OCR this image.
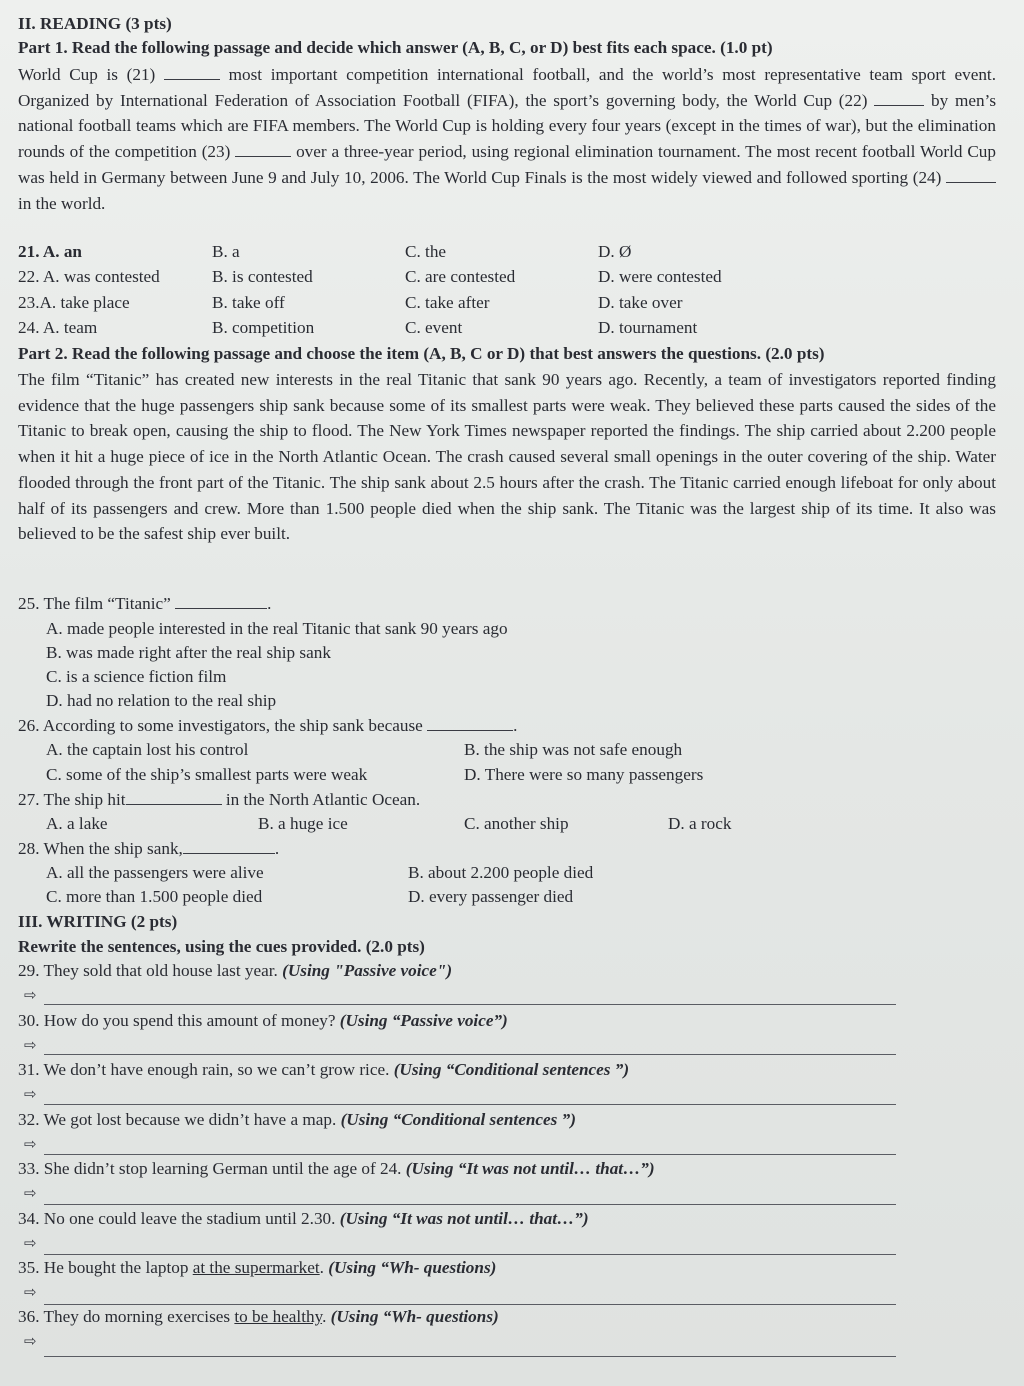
II. READING (3 pts)
Part 1. Read the following passage and decide which answer (A, B, C, or D) best fits each space. (1.0 pt)
World Cup is (21)	most important competition international football, and the world’s most representative team sport event. Organized by International Federation of Association Football (FIFA), the sport’s governing body, the World Cup (22)	by men’s national football teams which are FIFA members. The World Cup is holding every four years (except in the times of war), but the elimination rounds of the competition (23)	over a three-year period, using regional elimination tournament. The most recent football World Cup was held in Germany between June 9 and July 10, 2006. The World Cup Finals is the most widely viewed and followed sporting (24)  in the world.
21. A. an	B. a	C. the	D. Ø
22. A. was contested	B. is contested	C. are contested	D. were contested
23.A. take place	B. take off	C. take after	D. take over
24. A. team	B. competition	C. event	D. tournament
Part 2. Read the following passage and choose the item (A, B, C or D) that best answers the questions. (2.0 pts)
The film “Titanic” has created new interests in the real Titanic that sank 90 years ago. Recently, a team of investigators reported finding evidence that the huge passengers ship sank because some of its smallest parts were weak. They believed these parts caused the sides of the Titanic to break open, causing the ship to flood. The New York Times newspaper reported the findings. The ship carried about 2.200 people when it hit a huge piece of ice in the North Atlantic Ocean. The crash caused several small openings in the outer covering of the ship. Water flooded through the front part of the Titanic. The ship sank about 2.5 hours after the crash. The Titanic carried enough lifeboat for only about half of its passengers and crew. More than 1.500 people died when the ship sank. The Titanic was the largest ship of its time. It also was believed to be the safest ship ever built.
25. The film “Titanic”	.
A. made people interested in the real Titanic that sank 90 years ago
B. was made right after the real ship sank
C. is a science fiction film
D. had no relation to the real ship
26. According to some investigators, the ship sank because	.
A. the captain lost his control	B. the ship was not safe enough
C. some of the ship’s smallest parts were weak	D. There were so many passengers
27. The ship hit	in the North Atlantic Ocean.
A. a lake	B. a huge ice	C. another ship	D. a rock
28. When the ship sank,	.
A. all the passengers were alive	B. about 2.200 people died
C. more than 1.500 people died	D. every passenger died
III. WRITING (2 pts)
Rewrite the sentences, using the cues provided. (2.0 pts)
29. They sold that old house last year. (Using "Passive voice")
⇨
30. How do you spend this amount of money? (Using “Passive voice”)
⇨
31. We don’t have enough rain, so we can’t grow rice. (Using “Conditional sentences ”)
⇨
32. We got lost because we didn’t have a map. (Using “Conditional sentences ”)
⇨
33. She didn’t stop learning German until the age of 24. (Using “It was not until… that…”)
⇨
34. No one could leave the stadium until 2.30. (Using “It was not until… that…”)
⇨
35. He bought the laptop at the supermarket. (Using “Wh- questions)
⇨
36. They do morning exercises to be healthy. (Using “Wh- questions)
⇨
